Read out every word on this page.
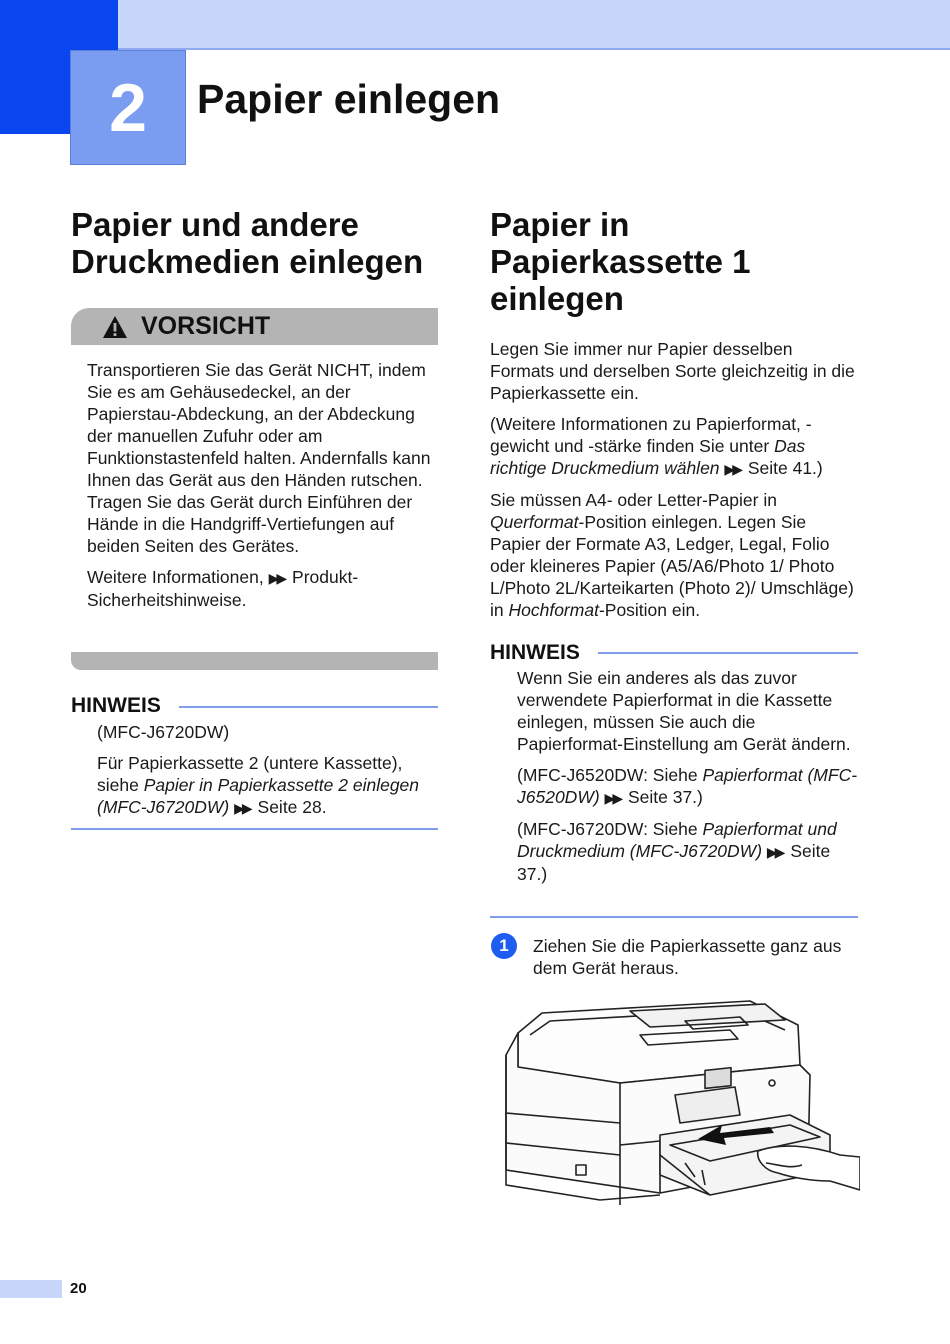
2	Papier einlegen
Papier und andere Druckmedien einlegen
VORSICHT
Transportieren Sie das Gerät NICHT, indem Sie es am Gehäusedeckel, an der Papierstau-Abdeckung, an der Abdeckung der manuellen Zufuhr oder am Funktionstastenfeld halten. Andernfalls kann Ihnen das Gerät aus den Händen rutschen. Tragen Sie das Gerät durch Einführen der Hände in die Handgriff-Vertiefungen auf beiden Seiten des Gerätes.
Weitere Informationen, ▶▶ Produkt-Sicherheitshinweise.
HINWEIS
(MFC-J6720DW)
Für Papierkassette 2 (untere Kassette), siehe Papier in Papierkassette 2 einlegen (MFC-J6720DW) ▶▶ Seite 28.
Papier in Papierkassette 1 einlegen
Legen Sie immer nur Papier desselben Formats und derselben Sorte gleichzeitig in die Papierkassette ein.
(Weitere Informationen zu Papierformat, -gewicht und -stärke finden Sie unter Das richtige Druckmedium wählen ▶▶ Seite 41.)
Sie müssen A4- oder Letter-Papier in Querformat-Position einlegen. Legen Sie Papier der Formate A3, Ledger, Legal, Folio oder kleineres Papier (A5/A6/Photo 1/ Photo L/Photo 2L/Karteikarten (Photo 2)/ Umschläge) in Hochformat-Position ein.
HINWEIS
Wenn Sie ein anderes als das zuvor verwendete Papierformat in die Kassette einlegen, müssen Sie auch die Papierformat-Einstellung am Gerät ändern.
(MFC-J6520DW: Siehe Papierformat (MFC-J6520DW) ▶▶ Seite 37.)
(MFC-J6720DW: Siehe Papierformat und Druckmedium (MFC-J6720DW) ▶▶ Seite 37.)
1	Ziehen Sie die Papierkassette ganz aus dem Gerät heraus.
20
